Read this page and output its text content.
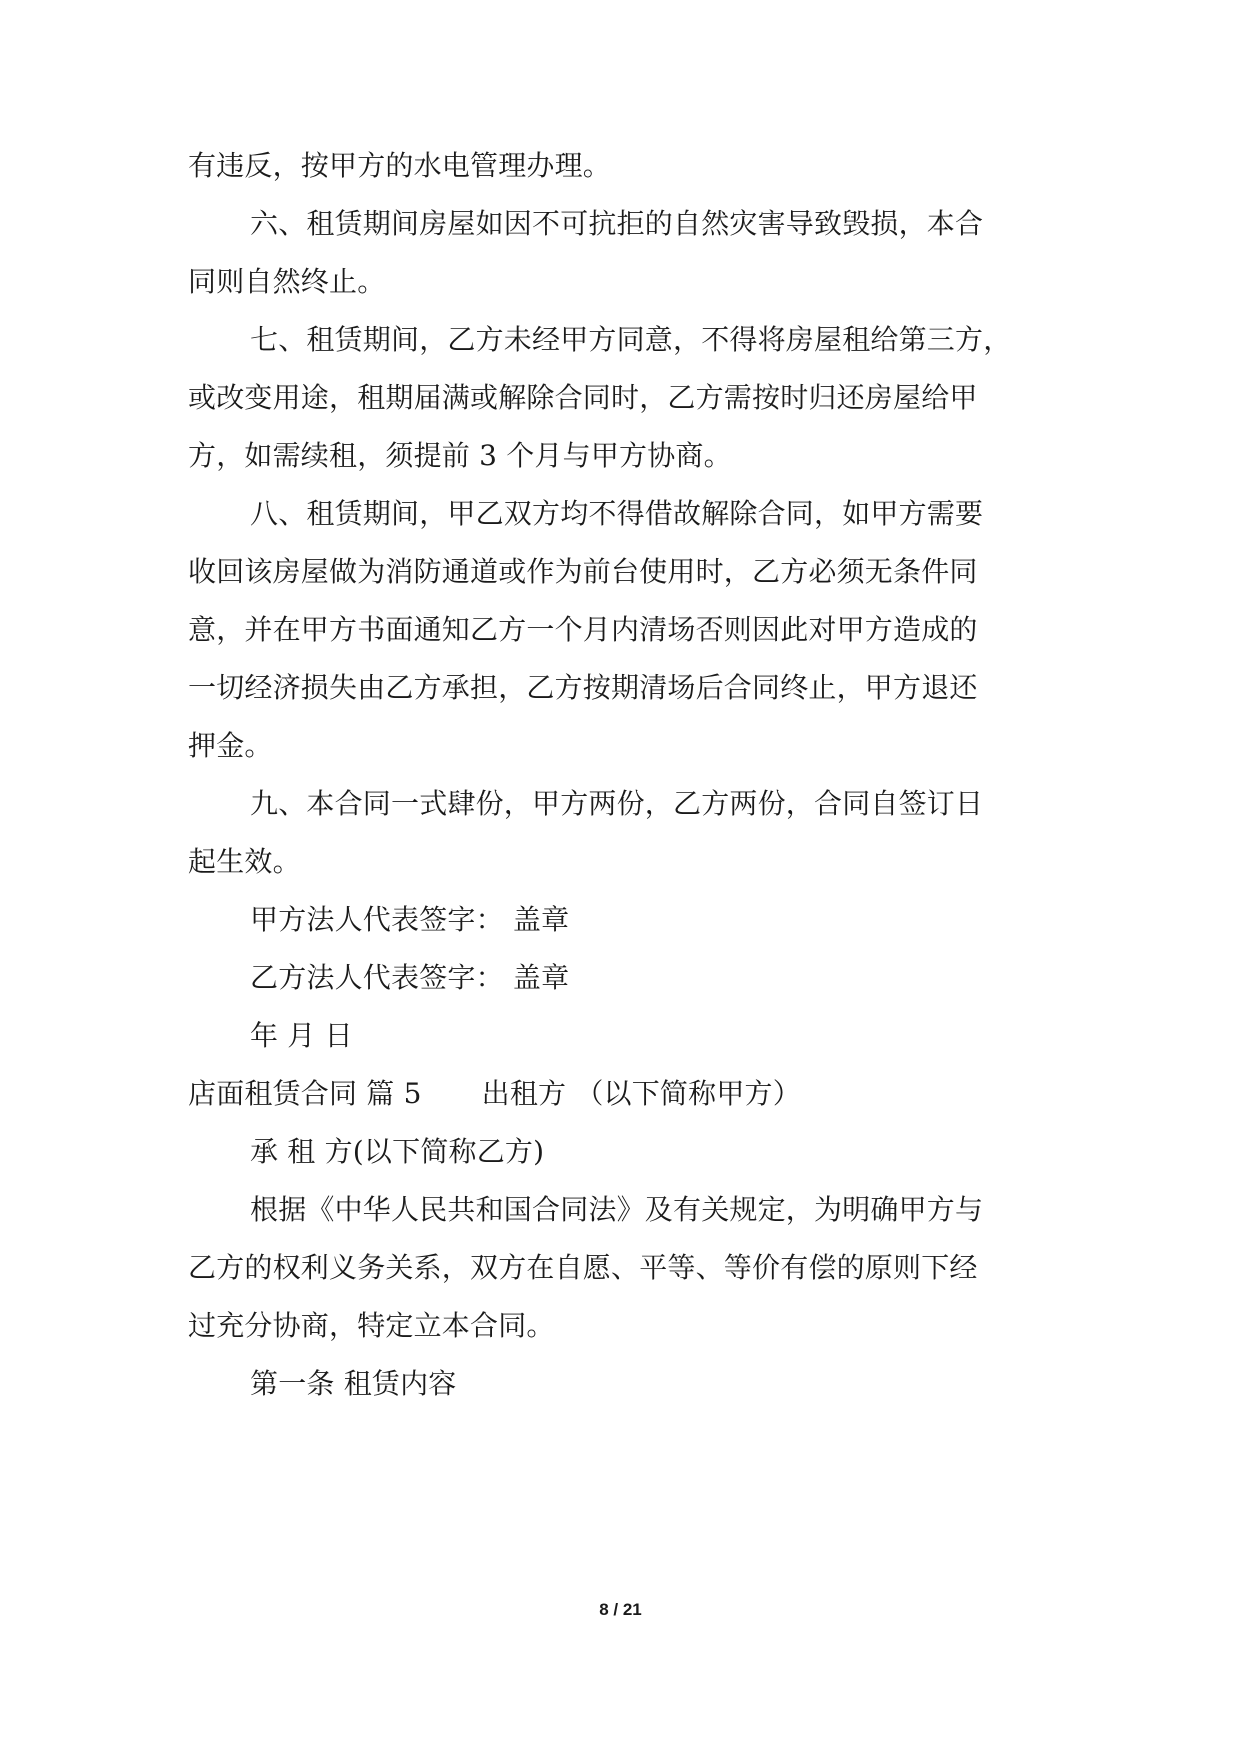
有违反，按甲方的水电管理办理。
六、租赁期间房屋如因不可抗拒的自然灾害导致毁损，本合
同则自然终止。
七、租赁期间，乙方未经甲方同意，不得将房屋租给第三方，
或改变用途，租期届满或解除合同时，乙方需按时归还房屋给甲
方，如需续租，须提前 3 个月与甲方协商。
八、租赁期间，甲乙双方均不得借故解除合同，如甲方需要
收回该房屋做为消防通道或作为前台使用时，乙方必须无条件同
意，并在甲方书面通知乙方一个月内清场否则因此对甲方造成的
一切经济损失由乙方承担，乙方按期清场后合同终止，甲方退还
押金。
九、本合同一式肆份，甲方两份，乙方两份，合同自签订日
起生效。
甲方法人代表签字： 盖章
乙方法人代表签字： 盖章
年 月 日
店面租赁合同 篇 5 出租方 （以下简称甲方）
承 租 方(以下简称乙方)
根据《中华人民共和国合同法》及有关规定，为明确甲方与
乙方的权利义务关系，双方在自愿、平等、等价有偿的原则下经
过充分协商，特定立本合同。
第一条 租赁内容
8 / 21
